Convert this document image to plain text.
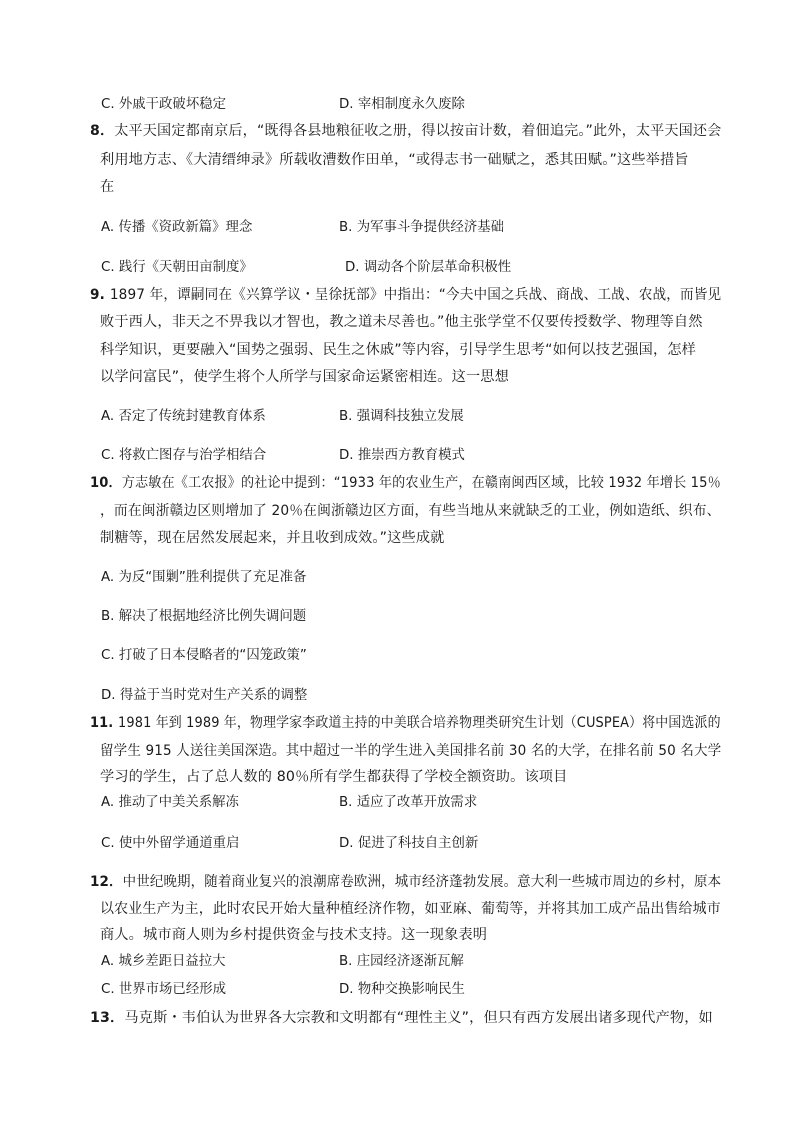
C. 外戚干政破坏稳定	D. 宰相制度永久废除
8．太平天国定都南京后，“既得各县地粮征收之册，得以按亩计数，着佃追完。”此外，太平天国还会
利用地方志、《大清缙绅录》所载收漕数作田单，“或得志书一础赋之，悉其田赋。”这些举措旨
在
A. 传播《资政新篇》理念	B. 为军事斗争提供经济基础
C. 践行《天朝田亩制度》	D. 调动各个阶层革命积极性
9. 1897 年，谭嗣同在《兴算学议・呈徐抚部》中指出：“今夫中国之兵战、商战、工战、农战，而皆见
败于西人，非天之不畀我以才智也，教之道未尽善也。”他主张学堂不仅要传授数学、物理等自然
科学知识，更要融入“国势之强弱、民生之休戚”等内容，引导学生思考“如何以技艺强国，怎样
以学问富民”，使学生将个人所学与国家命运紧密相连。这一思想
A. 否定了传统封建教育体系	B. 强调科技独立发展
C. 将救亡图存与治学相结合	D. 推崇西方教育模式
10．方志敏在《工农报》的社论中提到：“1933 年的农业生产，在赣南闽西区域，比较 1932 年增长 15％
，而在闽浙赣边区则增加了 20％在闽浙赣边区方面，有些当地从来就缺乏的工业，例如造纸、织布、
制糖等，现在居然发展起来，并且收到成效。”这些成就
A. 为反“围剿”胜利提供了充足准备
B. 解决了根据地经济比例失调问题
C. 打破了日本侵略者的“囚笼政策”
D. 得益于当时党对生产关系的调整
11. 1981 年到 1989 年，物理学家李政道主持的中美联合培养物理类研究生计划（CUSPEA）将中国选派的
留学生 915 人送往美国深造。其中超过一半的学生进入美国排名前 30 名的大学，在排名前 50 名大学
学习的学生，占了总人数的 80％所有学生都获得了学校全额资助。该项目
A. 推动了中美关系解冻	B. 适应了改革开放需求
C. 使中外留学通道重启	D. 促进了科技自主创新
12．中世纪晚期，随着商业复兴的浪潮席卷欧洲，城市经济蓬勃发展。意大利一些城市周边的乡村，原本
以农业生产为主，此时农民开始大量种植经济作物，如亚麻、葡萄等，并将其加工成产品出售给城市
商人。城市商人则为乡村提供资金与技术支持。这一现象表明
A. 城乡差距日益拉大	B. 庄园经济逐渐瓦解
C. 世界市场已经形成	D. 物种交换影响民生
13．马克斯・韦伯认为世界各大宗教和文明都有“理性主义”，但只有西方发展出诸多现代产物，如
